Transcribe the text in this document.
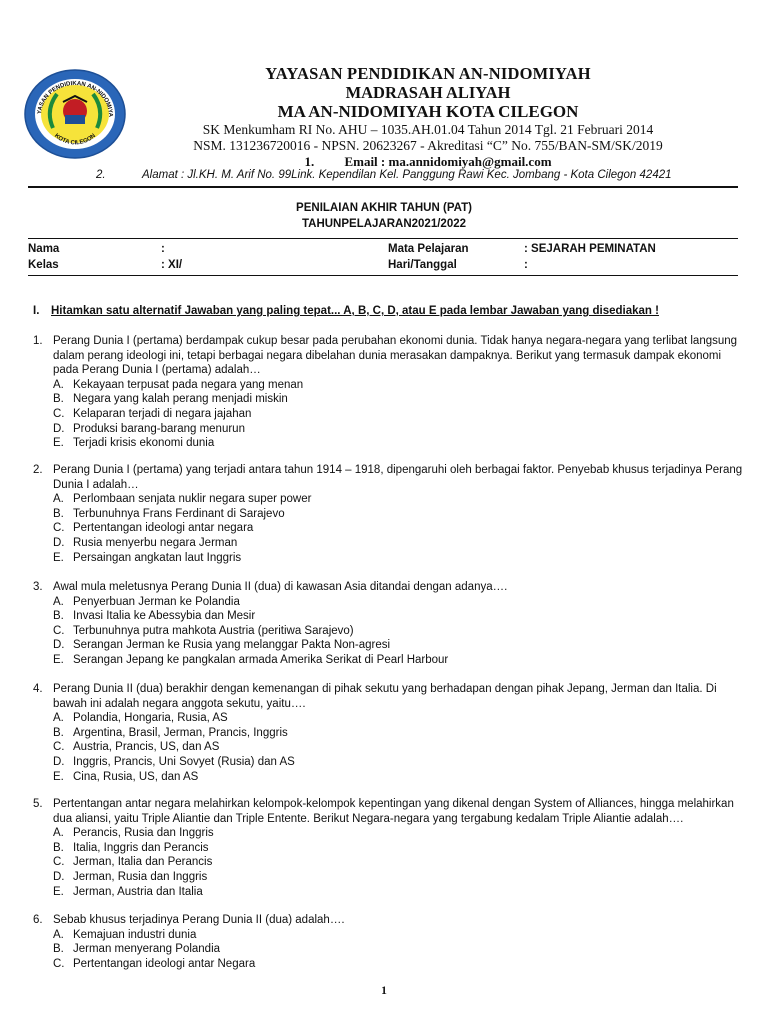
YASAN PENDIDIKAN AN-NIDOMIYA
KOTA CILEGON
YAYASAN PENDIDIKAN AN-NIDOMIYAH
MADRASAH ALIYAH
MA AN-NIDOMIYAH KOTA CILEGON
SK Menkumham RI No. AHU – 1035.AH.01.04 Tahun 2014 Tgl. 21 Februari 2014
NSM. 131236720016 - NPSN. 20623267 - Akreditasi “C” No. 755/BAN-SM/SK/2019
1. Email : ma.annidomiyah@gmail.com
2.	Alamat : Jl.KH. M. Arif No. 99Link. Kependilan Kel. Panggung Rawi Kec. Jombang - Kota Cilegon 42421
PENILAIAN AKHIR TAHUN (PAT)
TAHUNPELAJARAN2021/2022
Nama	:	Mata Pelajaran	: SEJARAH PEMINATAN
Kelas	: XI/	Hari/Tanggal	:
I. Hitamkan satu alternatif Jawaban yang paling tepat... A, B, C, D, atau E pada lembar Jawaban yang disediakan !
1. Perang Dunia I (pertama) berdampak cukup besar pada perubahan ekonomi dunia. Tidak hanya negara-negara yang terlibat langsung dalam perang ideologi ini, tetapi berbagai negara dibelahan dunia merasakan dampaknya. Berikut yang termasuk dampak ekonomi pada Perang Dunia I (pertama) adalah…
A. Kekayaan terpusat pada negara yang menan
B. Negara yang kalah perang menjadi miskin
C. Kelaparan terjadi di negara jajahan
D. Produksi barang-barang menurun
E. Terjadi krisis ekonomi dunia
2. Perang Dunia I (pertama) yang terjadi antara tahun 1914 – 1918, dipengaruhi oleh berbagai faktor. Penyebab khusus terjadinya Perang Dunia I adalah…
A. Perlombaan senjata nuklir negara super power
B. Terbunuhnya Frans Ferdinant di Sarajevo
C. Pertentangan ideologi antar negara
D. Rusia menyerbu negara Jerman
E. Persaingan angkatan laut Inggris
3. Awal mula meletusnya Perang Dunia II (dua) di kawasan Asia ditandai dengan adanya….
A. Penyerbuan Jerman ke Polandia
B. Invasi Italia ke Abessybia dan Mesir
C. Terbunuhnya putra mahkota Austria (peritiwa Sarajevo)
D. Serangan Jerman ke Rusia yang melanggar Pakta Non-agresi
E. Serangan Jepang ke pangkalan armada Amerika Serikat di Pearl Harbour
4. Perang Dunia II (dua) berakhir dengan kemenangan di pihak sekutu yang berhadapan dengan pihak Jepang, Jerman dan Italia. Di bawah ini adalah negara anggota sekutu, yaitu….
A. Polandia, Hongaria, Rusia, AS
B. Argentina, Brasil, Jerman, Prancis, Inggris
C. Austria, Prancis, US, dan AS
D. Inggris, Prancis, Uni Sovyet (Rusia) dan AS
E. Cina, Rusia, US, dan AS
5. Pertentangan antar negara melahirkan kelompok-kelompok kepentingan yang dikenal dengan System of Alliances, hingga melahirkan dua aliansi, yaitu Triple Aliantie dan Triple Entente. Berikut Negara-negara yang tergabung kedalam Triple Aliantie adalah….
A. Perancis, Rusia dan Inggris
B. Italia, Inggris dan Perancis
C. Jerman, Italia dan Perancis
D. Jerman, Rusia dan Inggris
E. Jerman, Austria dan Italia
6. Sebab khusus terjadinya Perang Dunia II (dua) adalah….
A. Kemajuan industri dunia
B. Jerman menyerang Polandia
C. Pertentangan ideologi antar Negara
1
